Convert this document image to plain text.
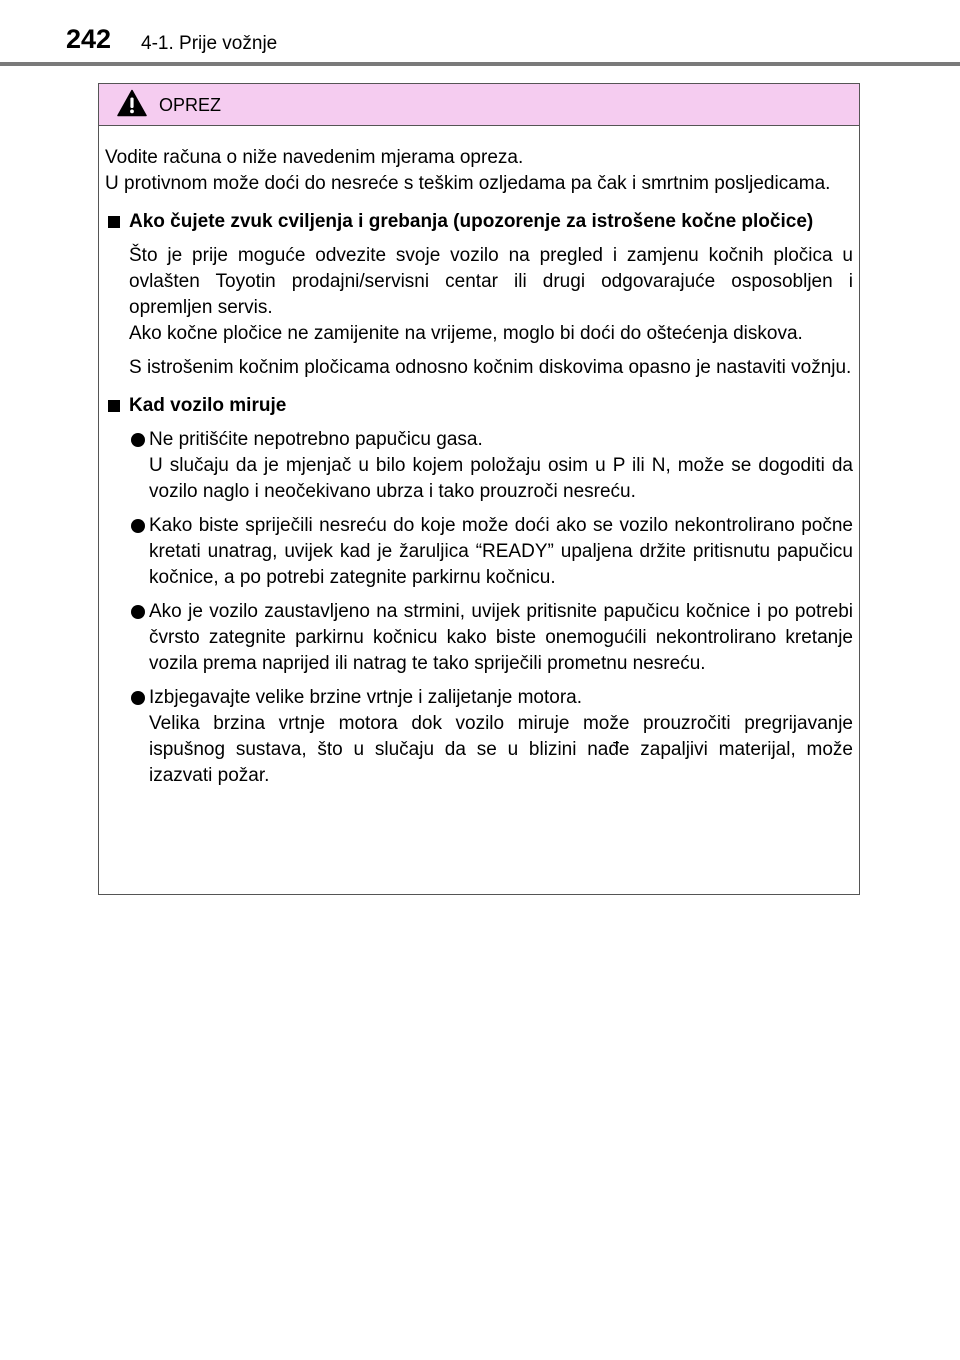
242 4-1. Prije vožnje
OPREZ

Vodite računa o niže navedenim mjerama opreza.

U protivnom može doći do nesreće s teškim ozljedama pa čak i smrtnim posljedicama.

Ako čujete zvuk cviljenja i grebanja (upozorenje za istrošene kočne pločice)

Što je prije moguće odvezite svoje vozilo na pregled i zamjenu kočnih pločica u ovlašten Toyotin prodajni/servisni centar ili drugi odgovarajuće osposobljen i opremljen servis.

Ako kočne pločice ne zamijenite na vrijeme, moglo bi doći do oštećenja diskova.

S istrošenim kočnim pločicama odnosno kočnim diskovima opasno je nastaviti vožnju.

Kad vozilo miruje

Ne pritišćite nepotrebno papučicu gasa.

U slučaju da je mjenjač u bilo kojem položaju osim u P ili N, može se dogoditi da vozilo naglo i neočekivano ubrza i tako prouzroči nesreću.

Kako biste spriječili nesreću do koje može doći ako se vozilo nekontrolirano počne kretati unatrag, uvijek kad je žaruljica “READY” upaljena držite pritisnutu papučicu kočnice, a po potrebi zategnite parkirnu kočnicu.

Ako je vozilo zaustavljeno na strmini, uvijek pritisnite papučicu kočnice i po potrebi čvrsto zategnite parkirnu kočnicu kako biste onemogućili nekontrolirano kretanje vozila prema naprijed ili natrag te tako spriječili prometnu nesreću.

Izbjegavajte velike brzine vrtnje i zalijetanje motora.

Velika brzina vrtnje motora dok vozilo miruje može prouzročiti pregrijavanje ispušnog sustava, što u slučaju da se u blizini nađe zapaljivi materijal, može izazvati požar.
